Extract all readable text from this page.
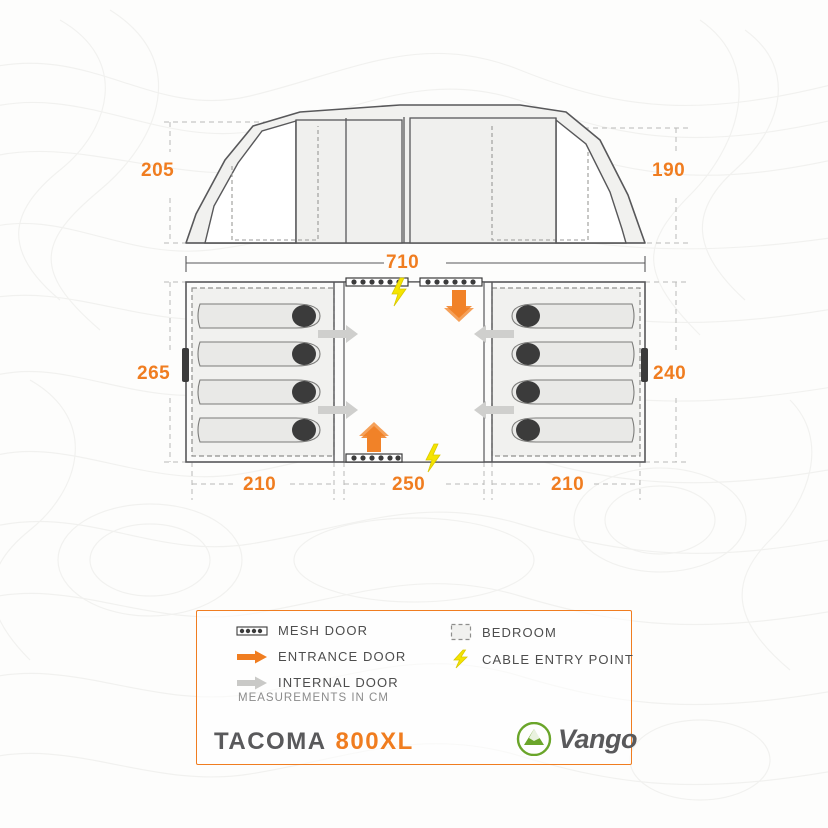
205	190
710
265	240
210	250	210
MESH DOOR
ENTRANCE DOOR
INTERNAL DOOR
BEDROOM
CABLE ENTRY POINT
MEASUREMENTS IN CM
TACOMA 800XL	Vango
